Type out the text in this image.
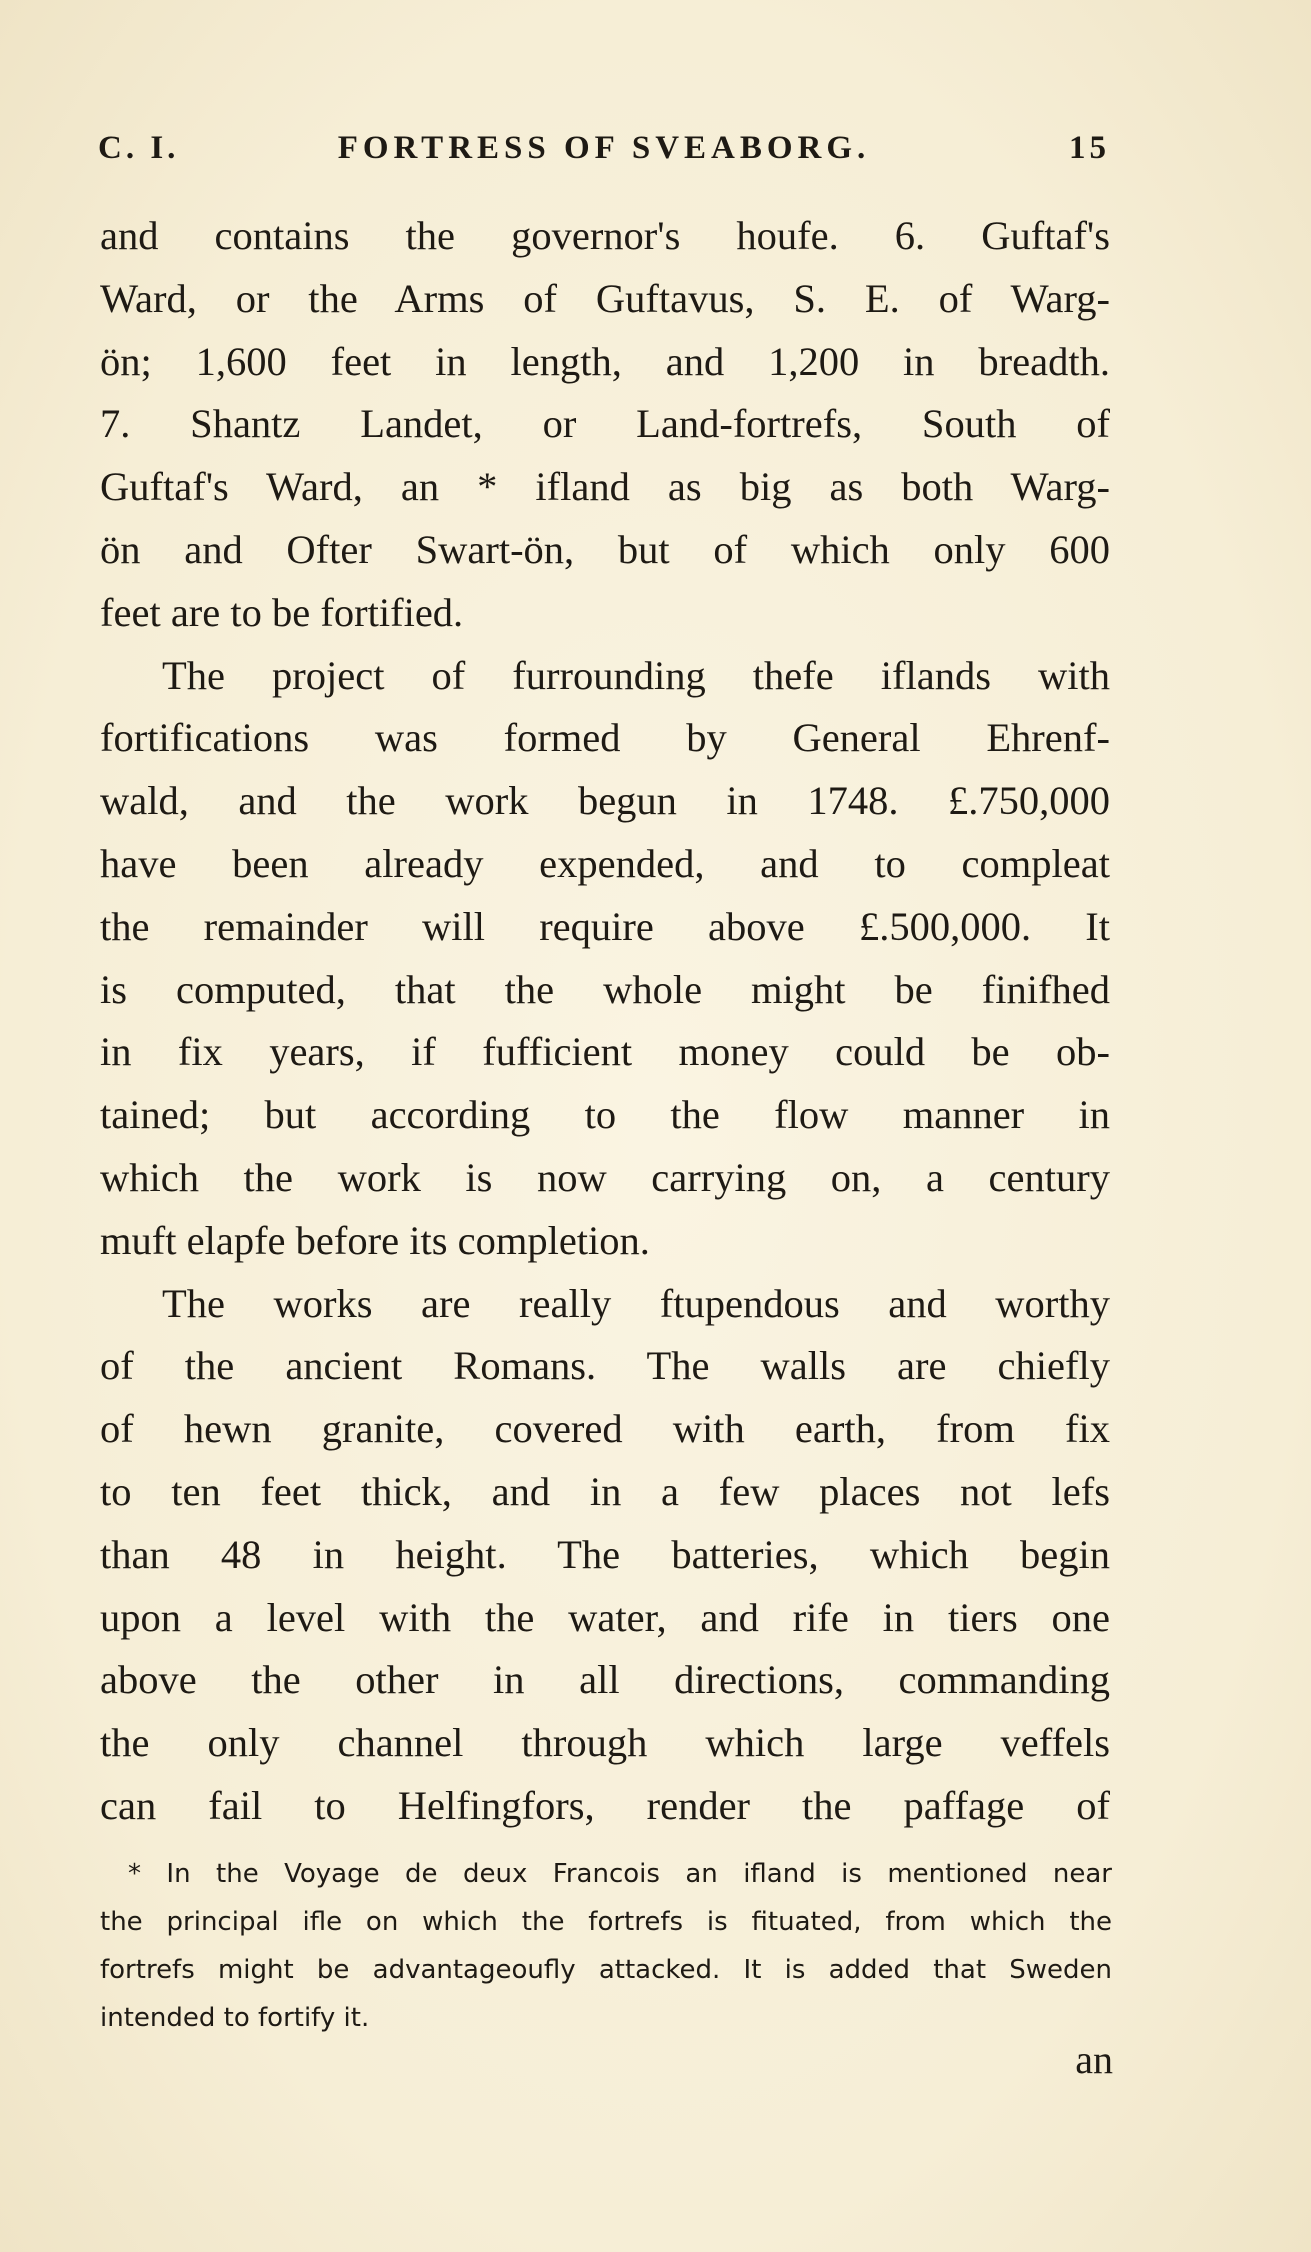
C. I.	FORTRESS OF SVEABORG.	15
and contains the governor's houfe. 6. Guftaf's
Ward, or the Arms of Guftavus, S. E. of Warg-
ön; 1,600 feet in length, and 1,200 in breadth.
7. Shantz Landet, or Land-fortrefs, South of
Guftaf's Ward, an * ifland as big as both Warg-
ön and Ofter Swart-ön, but of which only 600
feet are to be fortified.
The project of furrounding thefe iflands with
fortifications was formed by General Ehrenf-
wald, and the work begun in 1748. £.750,000
have been already expended, and to compleat
the remainder will require above £.500,000. It
is computed, that the whole might be finifhed
in fix years, if fufficient money could be ob-
tained; but according to the flow manner in
which the work is now carrying on, a century
muft elapfe before its completion.
The works are really ftupendous and worthy
of the ancient Romans. The walls are chiefly
of hewn granite, covered with earth, from fix
to ten feet thick, and in a few places not lefs
than 48 in height. The batteries, which begin
upon a level with the water, and rife in tiers one
above the other in all directions, commanding
the only channel through which large veffels
can fail to Helfingfors, render the paffage of
* In the Voyage de deux Francois an ifland is mentioned near
the principal ifle on which the fortrefs is fituated, from which the
fortrefs might be advantageoufly attacked. It is added that Sweden
intended to fortify it.
an
